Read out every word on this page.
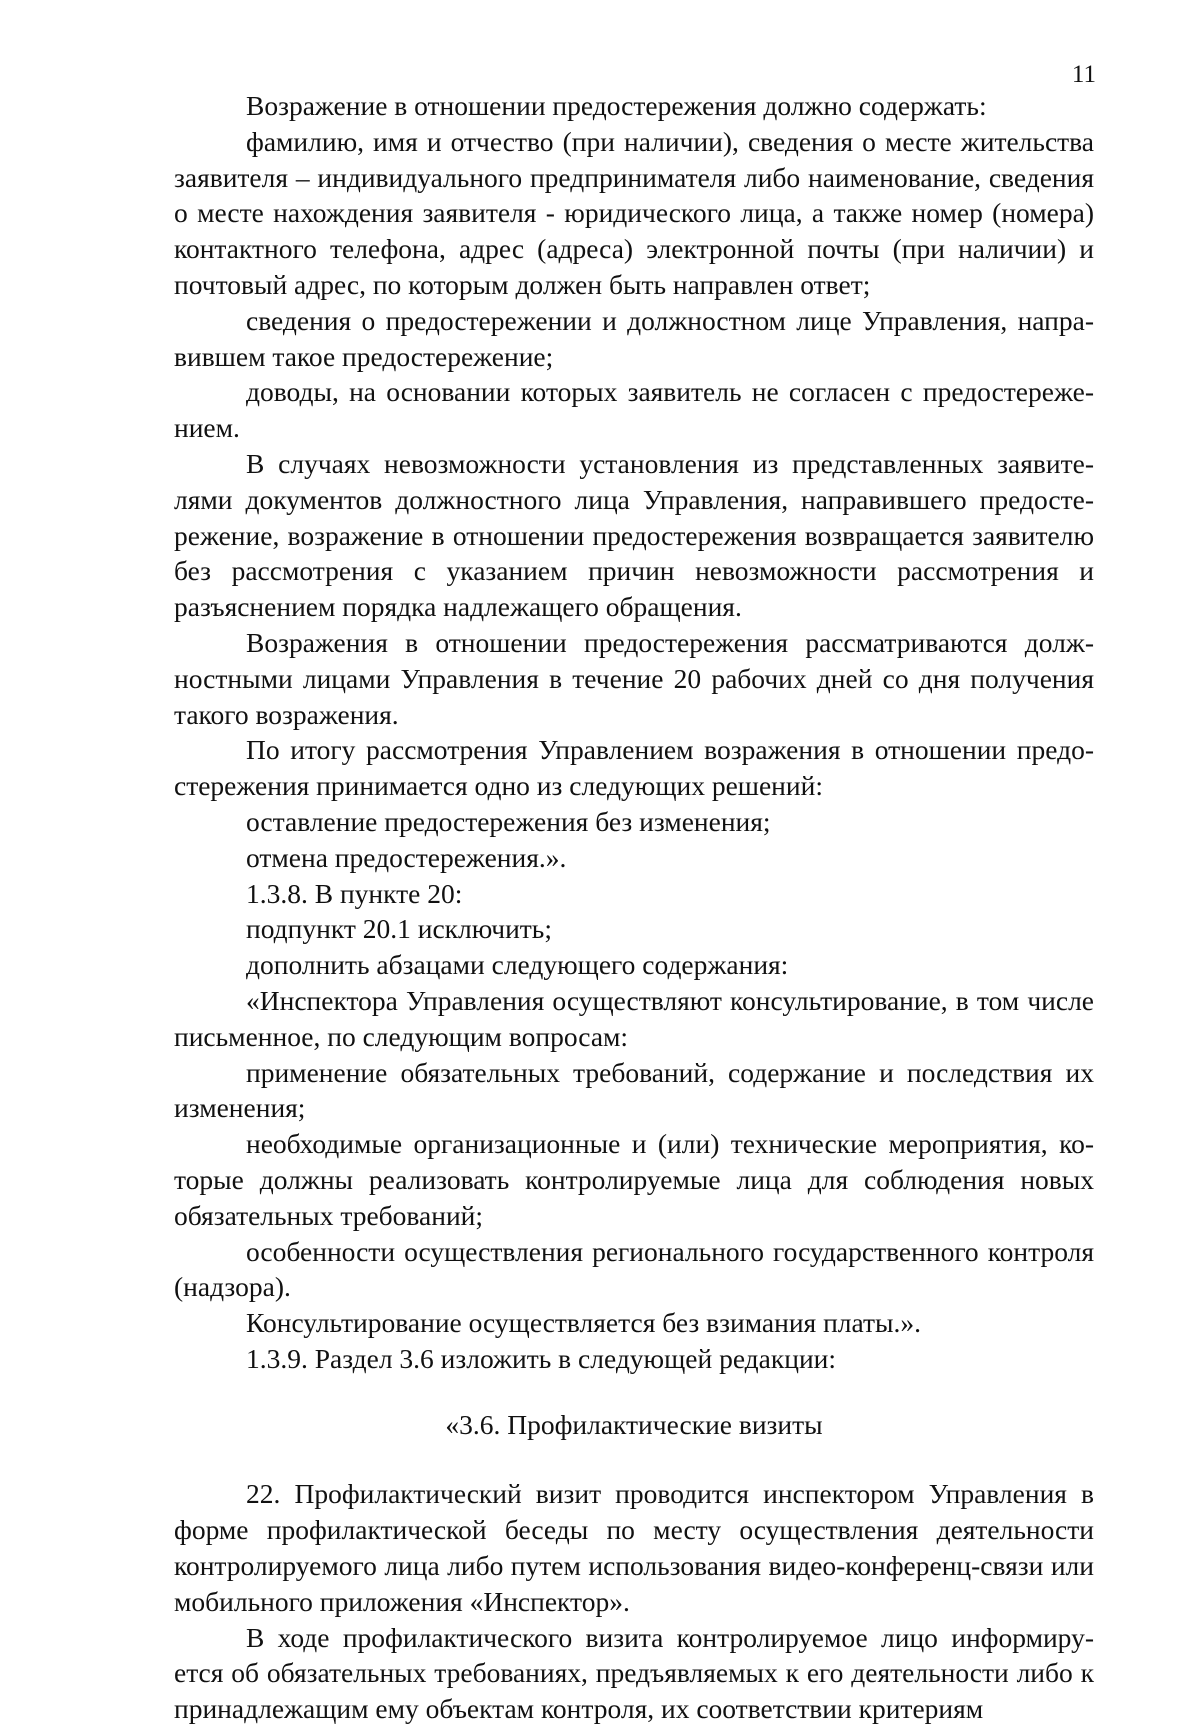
11

Возражение в отношении предостережения должно содержать:

фамилию, имя и отчество (при наличии), сведения о месте жительства заявителя – индивидуального предпринимателя либо наименование, сведения о месте нахождения заявителя - юридического лица, а также номер (номера) контактного телефона, адрес (адреса) электронной почты (при наличии) и почтовый адрес, по которым должен быть направлен ответ;

сведения о предостережении и должностном лице Управления, направившем такое предостережение;

доводы, на основании которых заявитель не согласен с предостережением.

В случаях невозможности установления из представленных заявителями документов должностного лица Управления, направившего предостережение, возражение в отношении предостережения возвращается заявителю без рассмотрения с указанием причин невозможности рассмотрения и разъяснением порядка надлежащего обращения.

Возражения в отношении предостережения рассматриваются должностными лицами Управления в течение 20 рабочих дней со дня получения такого возражения.

По итогу рассмотрения Управлением возражения в отношении предостережения принимается одно из следующих решений:

оставление предостережения без изменения;

отмена предостережения.».

1.3.8. В пункте 20:

подпункт 20.1 исключить;

дополнить абзацами следующего содержания:

«Инспектора Управления осуществляют консультирование, в том числе письменное, по следующим вопросам:

применение обязательных требований, содержание и последствия их изменения;

необходимые организационные и (или) технические мероприятия, которые должны реализовать контролируемые лица для соблюдения новых обязательных требований;

особенности осуществления регионального государственного контроля (надзора).

Консультирование осуществляется без взимания платы.».

1.3.9. Раздел 3.6 изложить в следующей редакции:

«3.6. Профилактические визиты

22. Профилактический визит проводится инспектором Управления в форме профилактической беседы по месту осуществления деятельности контролируемого лица либо путем использования видео-конференц-связи или мобильного приложения «Инспектор».

В ходе профилактического визита контролируемое лицо информируется об обязательных требованиях, предъявляемых к его деятельности либо к принадлежащим ему объектам контроля, их соответствии критериям
